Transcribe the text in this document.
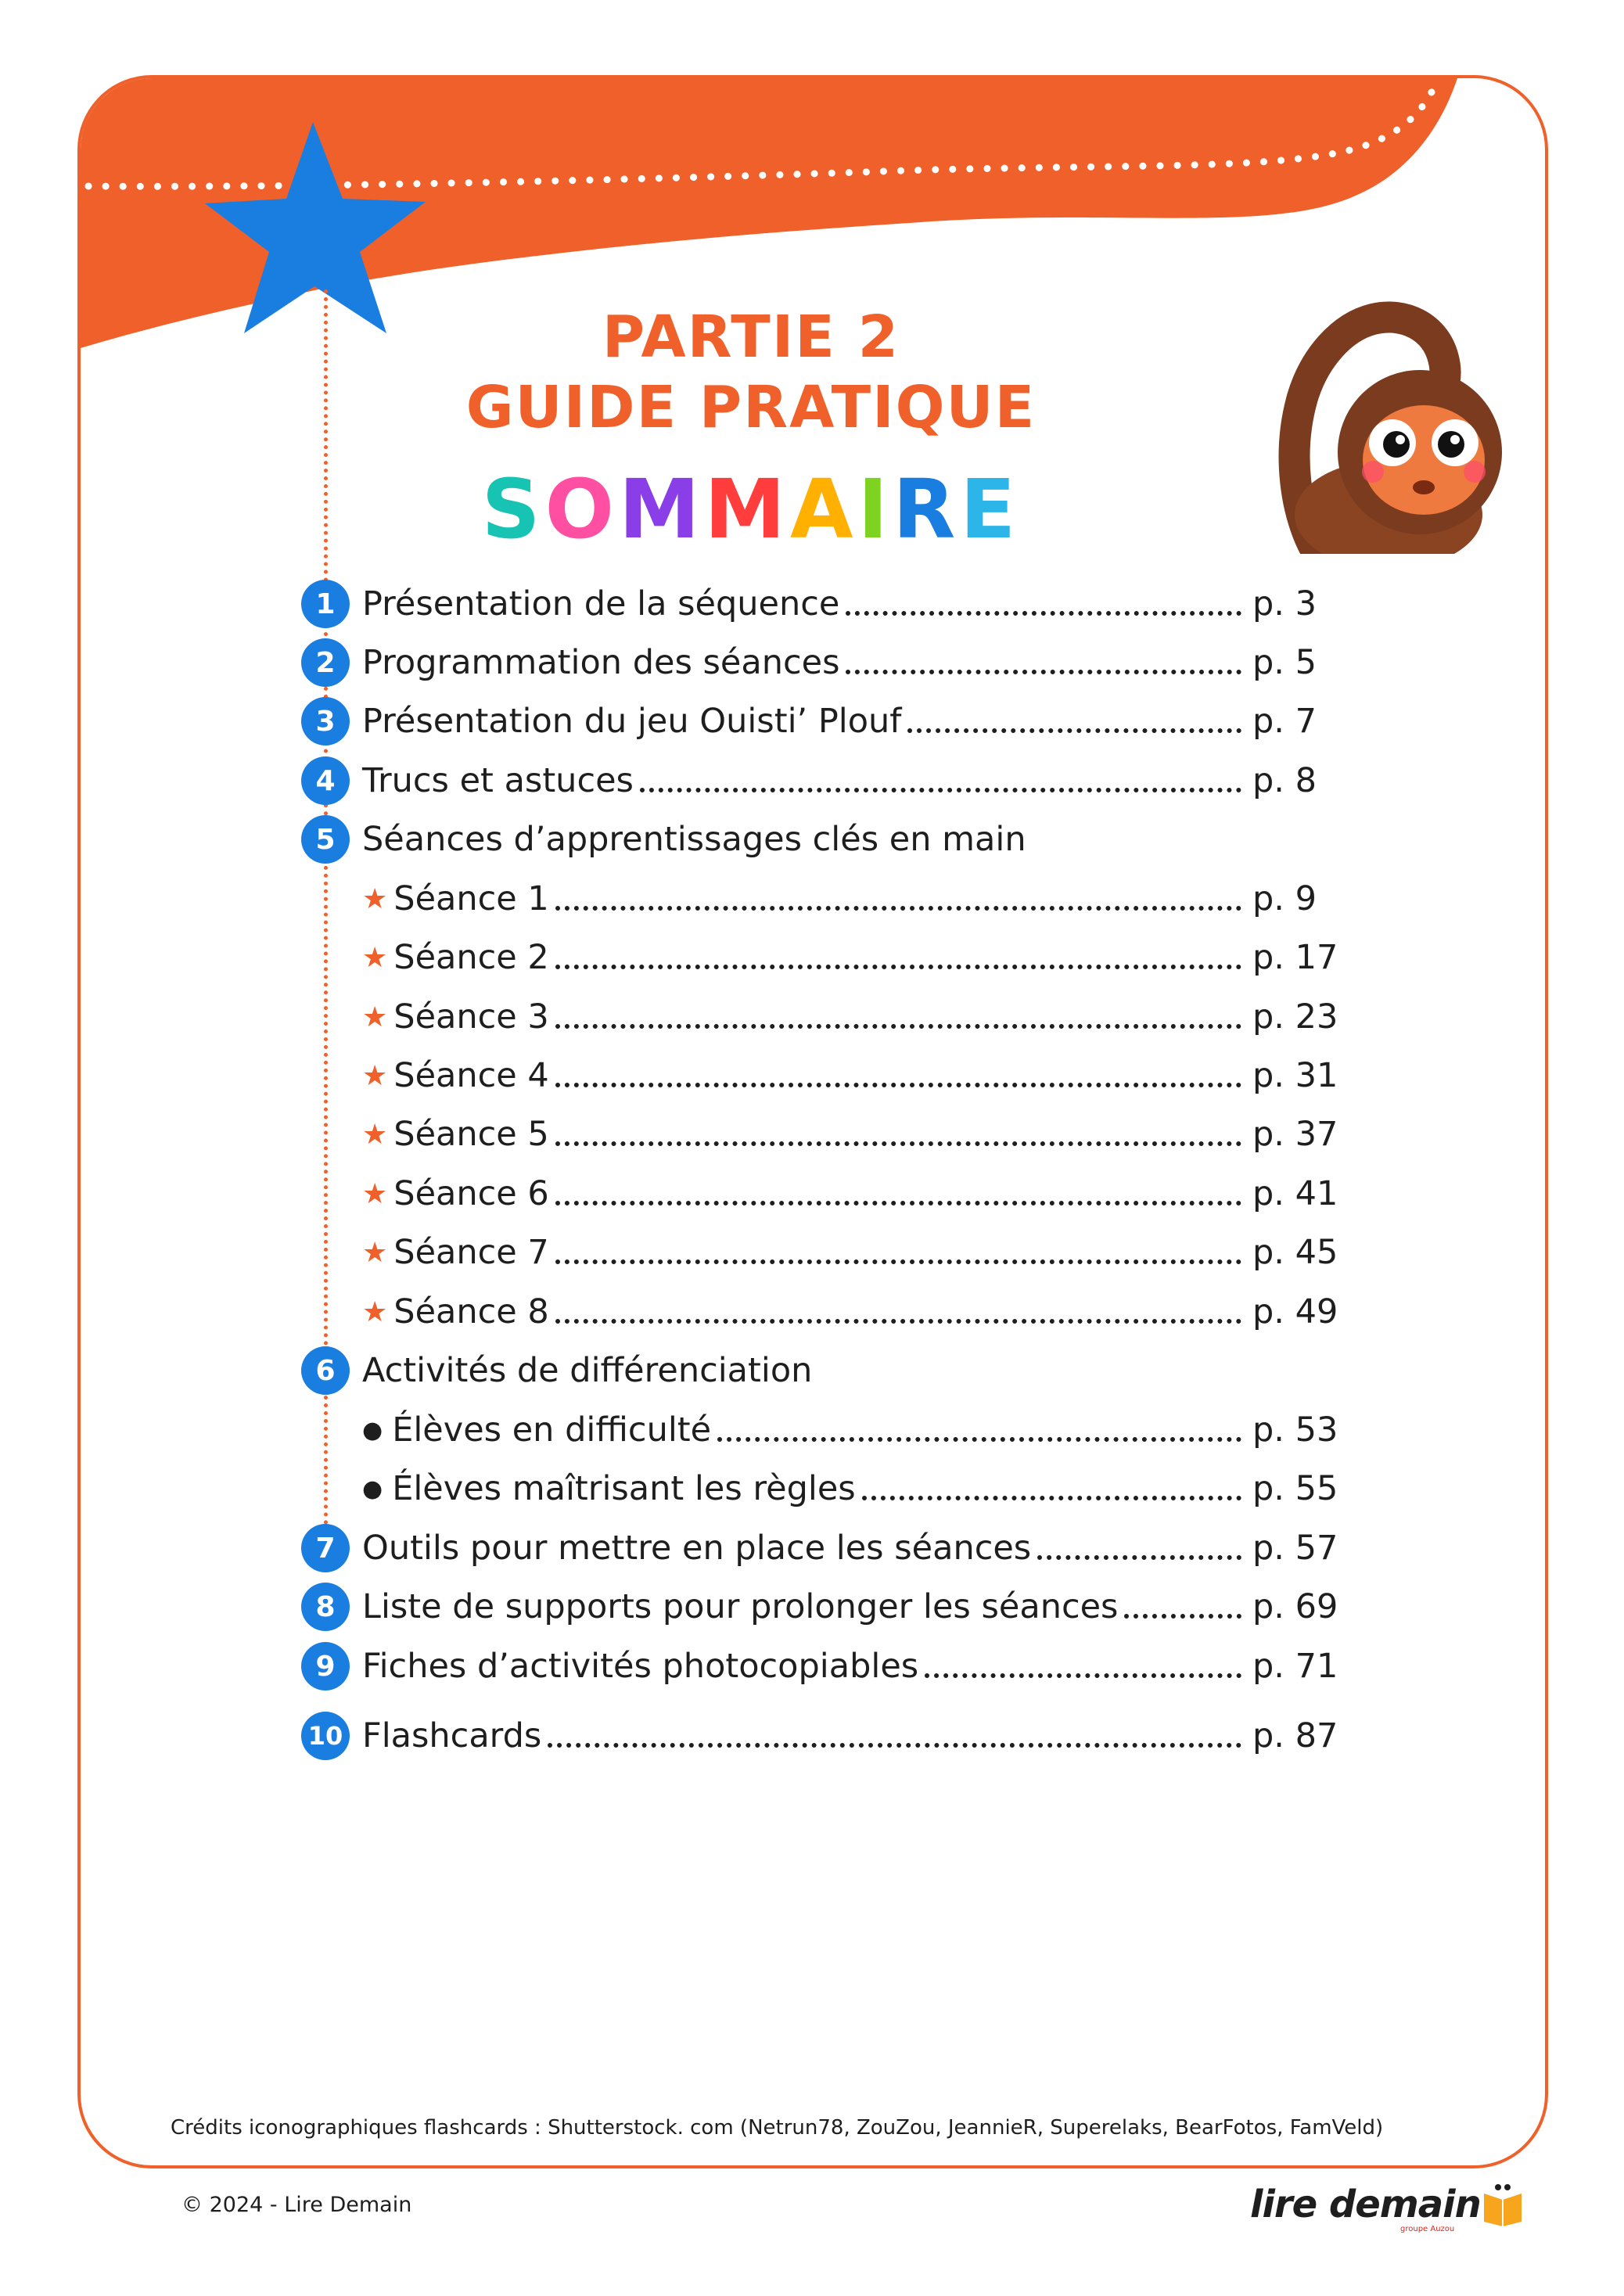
PARTIE 2
GUIDE PRATIQUE
SOMMAIRE
1 Présentation de la séquence	p. 3
2 Programmation des séances	p. 5
3 Présentation du jeu Ouisti’ Plouf	p. 7
4 Trucs et astuces	p. 8
5 Séances d’apprentissages clés en main
★ Séance 1	p. 9
★ Séance 2	p. 17
★ Séance 3	p. 23
★ Séance 4	p. 31
★ Séance 5	p. 37
★ Séance 6	p. 41
★ Séance 7	p. 45
★ Séance 8	p. 49
6 Activités de différenciation
● Élèves en difficulté	p. 53
● Élèves maîtrisant les règles	p. 55
7 Outils pour mettre en place les séances	p. 57
8 Liste de supports pour prolonger les séances	p. 69
9 Fiches d’activités photocopiables	p. 71
10 Flashcards	p. 87
Crédits iconographiques flashcards : Shutterstock. com (Netrun78, ZouZou, JeannieR, Superelaks, BearFotos, FamVeld)
© 2024 - Lire Demain	lire demain
groupe Auzou
